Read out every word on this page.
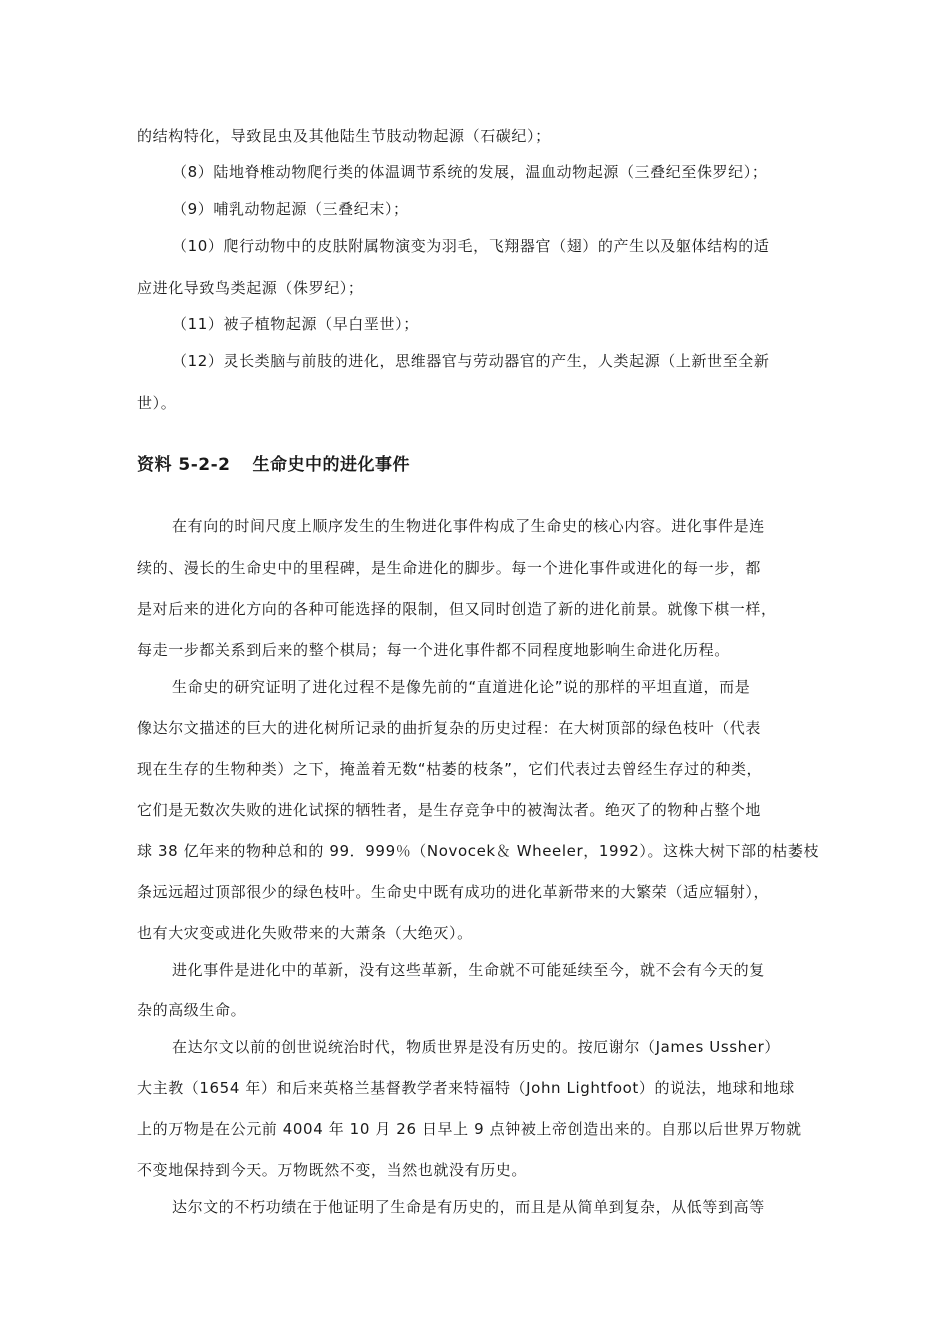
的结构特化，导致昆虫及其他陆生节肢动物起源（石碳纪）；
（8）陆地脊椎动物爬行类的体温调节系统的发展，温血动物起源（三叠纪至侏罗纪）；
（9）哺乳动物起源（三叠纪末）；
（10）爬行动物中的皮肤附属物演变为羽毛，飞翔器官（翅）的产生以及躯体结构的适
应进化导致鸟类起源（侏罗纪）；
（11）被子植物起源（早白垩世）；
（12）灵长类脑与前肢的进化，思维器官与劳动器官的产生，人类起源（上新世至全新
世）。
资料 5-2-2 生命史中的进化事件
在有向的时间尺度上顺序发生的生物进化事件构成了生命史的核心内容。进化事件是连
续的、漫长的生命史中的里程碑，是生命进化的脚步。每一个进化事件或进化的每一步，都
是对后来的进化方向的各种可能选择的限制，但又同时创造了新的进化前景。就像下棋一样，
每走一步都关系到后来的整个棋局；每一个进化事件都不同程度地影响生命进化历程。
生命史的研究证明了进化过程不是像先前的“直道进化论”说的那样的平坦直道，而是
像达尔文描述的巨大的进化树所记录的曲折复杂的历史过程：在大树顶部的绿色枝叶（代表
现在生存的生物种类）之下，掩盖着无数“枯萎的枝条”，它们代表过去曾经生存过的种类，
它们是无数次失败的进化试探的牺牲者，是生存竞争中的被淘汰者。绝灭了的物种占整个地
球 38 亿年来的物种总和的 99．999％（Novocek＆ Wheeler，1992）。这株大树下部的枯萎枝
条远远超过顶部很少的绿色枝叶。生命史中既有成功的进化革新带来的大繁荣（适应辐射），
也有大灾变或进化失败带来的大萧条（大绝灭）。
进化事件是进化中的革新，没有这些革新，生命就不可能延续至今，就不会有今天的复
杂的高级生命。
在达尔文以前的创世说统治时代，物质世界是没有历史的。按厄谢尔（James Ussher）
大主教（1654 年）和后来英格兰基督教学者来特福特（John Lightfoot）的说法，地球和地球
上的万物是在公元前 4004 年 10 月 26 日早上 9 点钟被上帝创造出来的。自那以后世界万物就
不变地保持到今天。万物既然不变，当然也就没有历史。
达尔文的不朽功绩在于他证明了生命是有历史的，而且是从简单到复杂，从低等到高等
